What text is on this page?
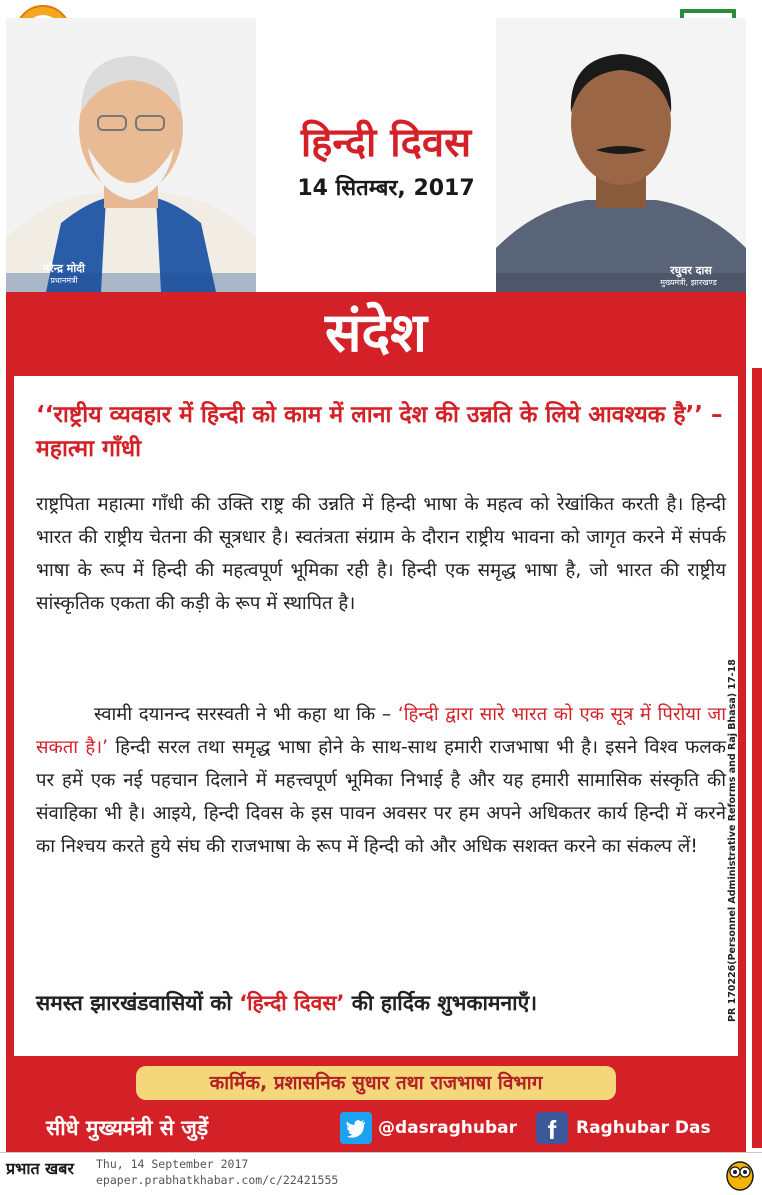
नरेन्द्र मोदी
प्रधानमंत्री
रघुवर दास
मुख्यमंत्री, झारखण्ड
हिन्दी दिवस
14 सितम्बर, 2017
संदेश
‘‘राष्ट्रीय व्यवहार में हिन्दी को काम में लाना देश की उन्नति के लिये आवश्यक है’’ – महात्मा गाँधी
राष्ट्रपिता महात्मा गाँधी की उक्ति राष्ट्र की उन्नति में हिन्दी भाषा के महत्व को रेखांकित करती है। हिन्दी भारत की राष्ट्रीय चेतना की सूत्रधार है। स्वतंत्रता संग्राम के दौरान राष्ट्रीय भावना को जागृत करने में संपर्क भाषा के रूप में हिन्दी की महत्वपूर्ण भूमिका रही है। हिन्दी एक समृद्ध भाषा है, जो भारत की राष्ट्रीय सांस्कृतिक एकता की कड़ी के रूप में स्थापित है।
स्वामी दयानन्द सरस्वती ने भी कहा था कि – ‘हिन्दी द्वारा सारे भारत को एक सूत्र में पिरोया जा सकता है।’ हिन्दी सरल तथा समृद्ध भाषा होने के साथ-साथ हमारी राजभाषा भी है। इसने विश्व फलक पर हमें एक नई पहचान दिलाने में महत्त्वपूर्ण भूमिका निभाई है और यह हमारी सामासिक संस्कृति की संवाहिका भी है। आइये, हिन्दी दिवस के इस पावन अवसर पर हम अपने अधिकतर कार्य हिन्दी में करने का निश्चय करते हुये संघ की राजभाषा के रूप में हिन्दी को और अधिक सशक्त करने का संकल्प लें!
समस्त झारखंडवासियों को ‘हिन्दी दिवस’ की हार्दिक शुभकामनाएँ।
कार्मिक, प्रशासनिक सुधार तथा राजभाषा विभाग
सीधे मुख्यमंत्री से जुड़ें	@dasraghubar	f	Raghubar Das
PR 170226(Personnel Administrative Reforms and Raj Bhasa) 17-18
प्रभात खबर Thu, 14 September 2017
epaper.prabhatkhabar.com/c/22421555
